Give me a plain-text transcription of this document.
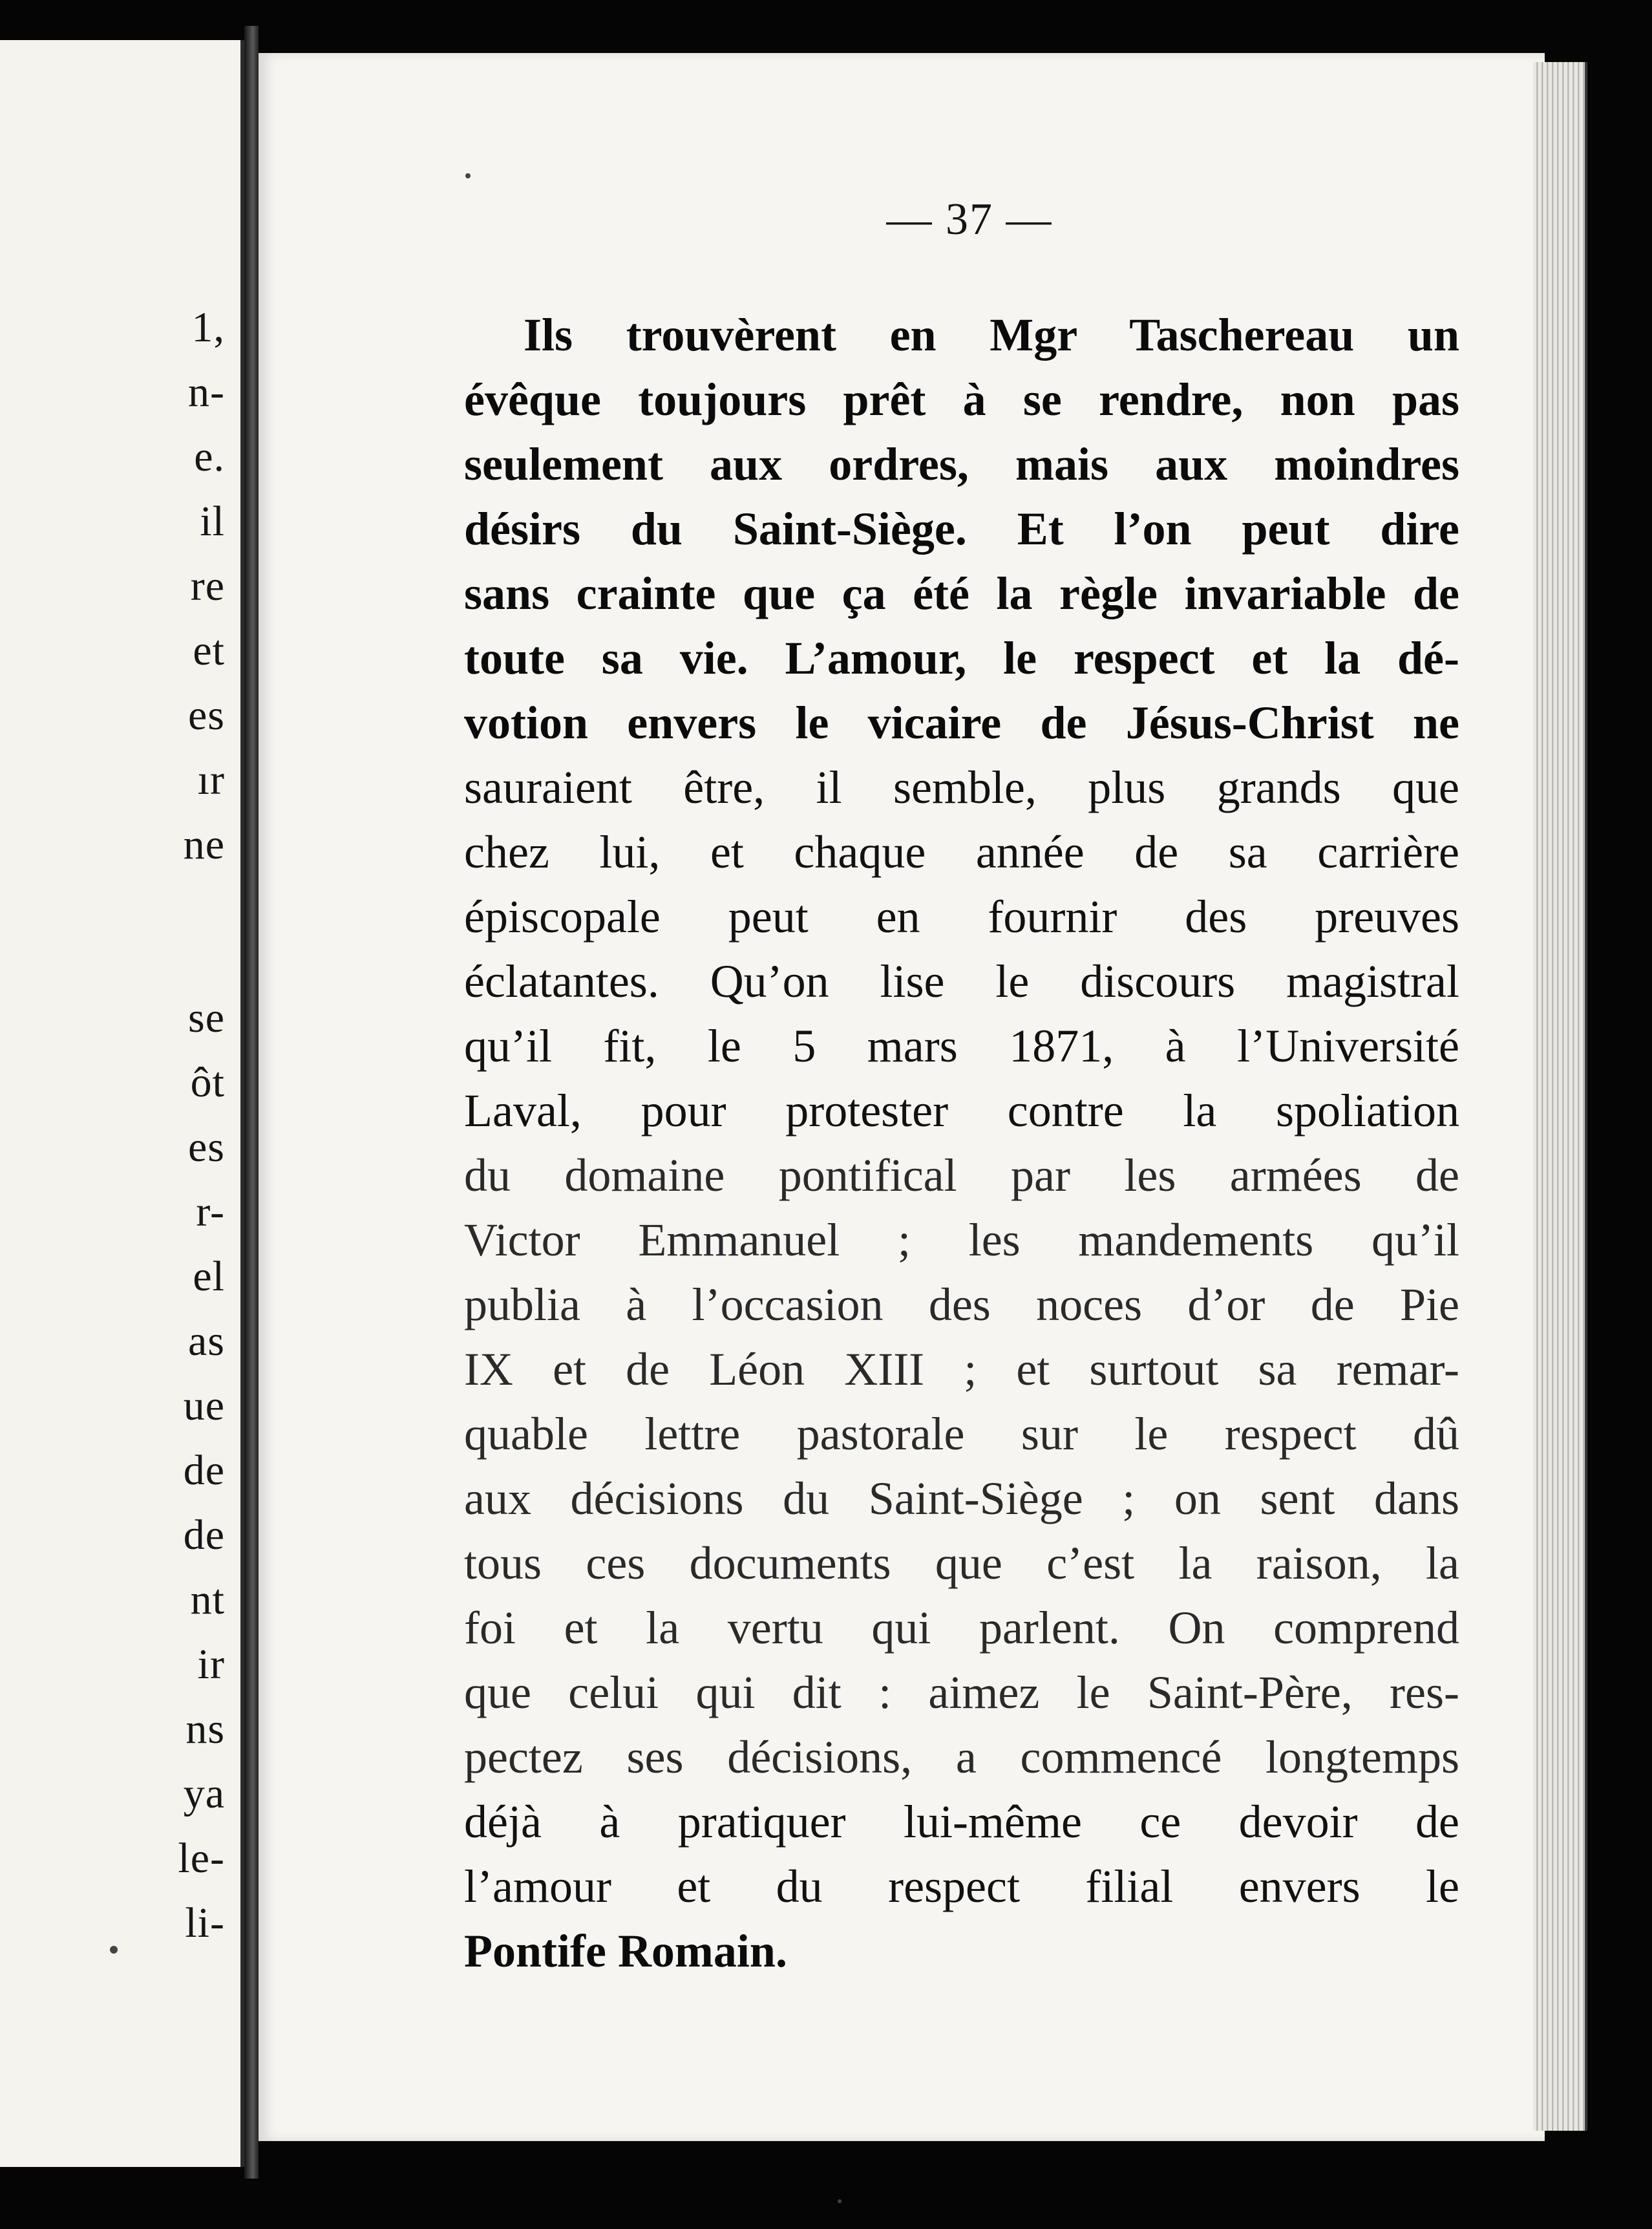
1,
n-
e.
il
re
et
es
ır
ne
se
ôt
es
r-
el
as
ue
de
de
nt
ir
ns
ya
le-
li-
— 37 —
Ils trouvèrent en Mgr Taschereau un
évêque toujours prêt à se rendre, non pas
seulement aux ordres, mais aux moindres
désirs du Saint-Siège. Et l’on peut dire
sans crainte que ça été la règle invariable de
toute sa vie. L’amour, le respect et la dé-
votion envers le vicaire de Jésus-Christ ne
sauraient être, il semble, plus grands que
chez lui, et chaque année de sa carrière
épiscopale peut en fournir des preuves
éclatantes. Qu’on lise le discours magistral
qu’il fit, le 5 mars 1871, à l’Université
Laval, pour protester contre la spoliation
du domaine pontifical par les armées de
Victor Emmanuel ; les mandements qu’il
publia à l’occasion des noces d’or de Pie
IX et de Léon XIII ; et surtout sa remar-
quable lettre pastorale sur le respect dû
aux décisions du Saint-Siège ; on sent dans
tous ces documents que c’est la raison, la
foi et la vertu qui parlent. On comprend
que celui qui dit : aimez le Saint-Père, res-
pectez ses décisions, a commencé longtemps
déjà à pratiquer lui-même ce devoir de
l’amour et du respect filial envers le
Pontife Romain.
